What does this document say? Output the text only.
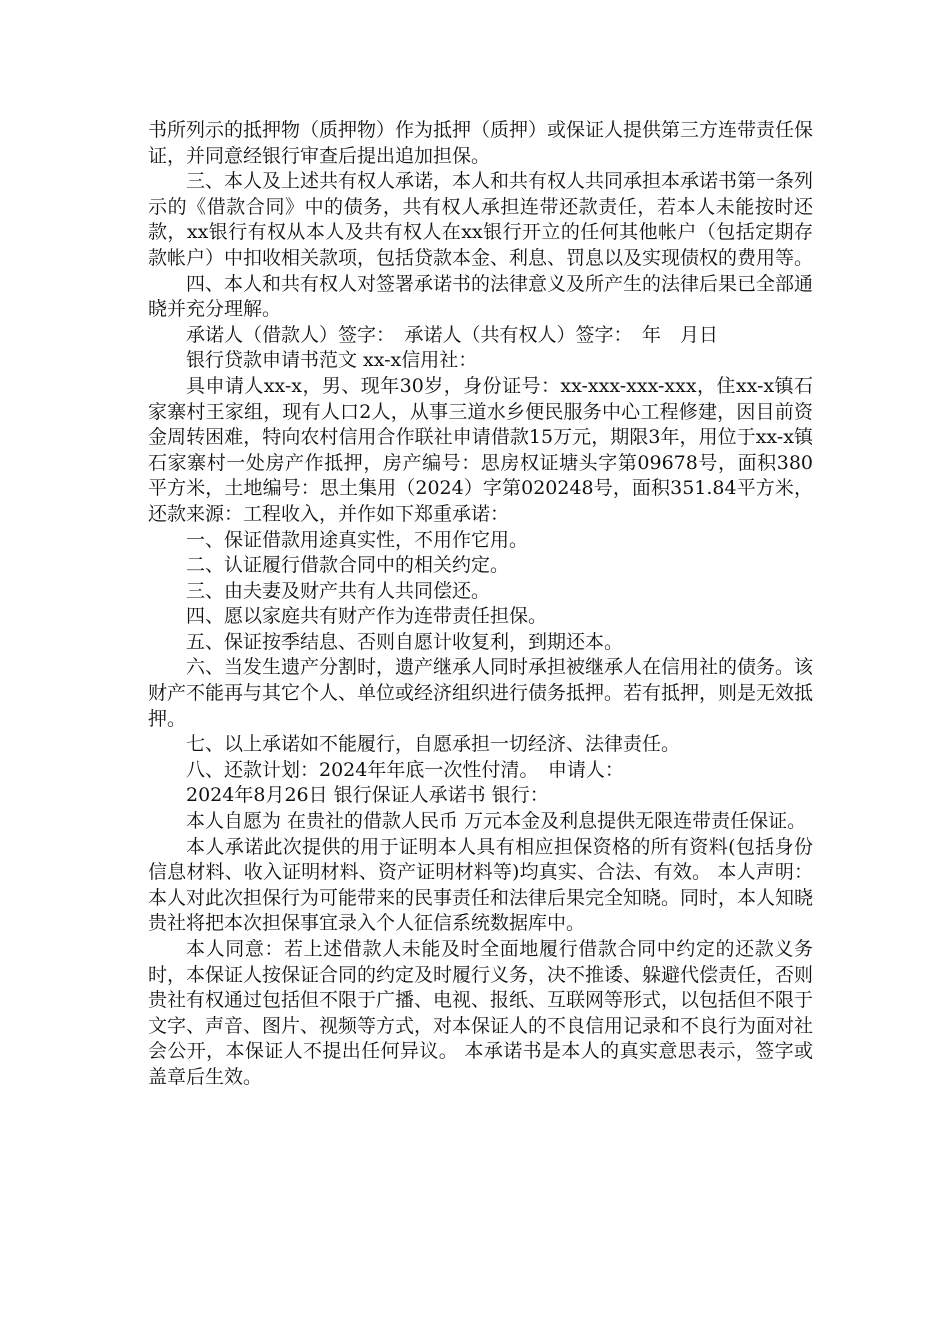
书所列示的抵押物（质押物）作为抵押（质押）或保证人提供第三方连带责任保证，并同意经银行审查后提出追加担保。

三、本人及上述共有权人承诺，本人和共有权人共同承担本承诺书第一条列示的《借款合同》中的债务，共有权人承担连带还款责任，若本人未能按时还款，xx银行有权从本人及共有权人在xx银行开立的任何其他帐户（包括定期存款帐户）中扣收相关款项，包括贷款本金、利息、罚息以及实现债权的费用等。

四、本人和共有权人对签署承诺书的法律意义及所产生的法律后果已全部通晓并充分理解。

承诺人（借款人）签字：　承诺人（共有权人）签字：　年　月日

银行贷款申请书范文 xx-x信用社：

具申请人xx-x，男、现年30岁，身份证号：xx-xxx-xxx-xxx，住xx-x镇石家寨村王家组，现有人口2人，从事三道水乡便民服务中心工程修建，因目前资金周转困难，特向农村信用合作联社申请借款15万元，期限3年，用位于xx-x镇石家寨村一处房产作抵押，房产编号：思房权证塘头字第09678号，面积380平方米，土地编号：思土集用（2024）字第020248号，面积351.84平方米，还款来源：工程收入，并作如下郑重承诺：

一、保证借款用途真实性，不用作它用。

二、认证履行借款合同中的相关约定。

三、由夫妻及财产共有人共同偿还。

四、愿以家庭共有财产作为连带责任担保。

五、保证按季结息、否则自愿计收复利，到期还本。

六、当发生遗产分割时，遗产继承人同时承担被继承人在信用社的债务。该财产不能再与其它个人、单位或经济组织进行债务抵押。若有抵押，则是无效抵押。

七、以上承诺如不能履行，自愿承担一切经济、法律责任。

八、还款计划：2024年年底一次性付清。　申请人：

2024年8月26日 银行保证人承诺书 银行：

本人自愿为 在贵社的借款人民币 万元本金及利息提供无限连带责任保证。

本人承诺此次提供的用于证明本人具有相应担保资格的所有资料(包括身份信息材料、收入证明材料、资产证明材料等)均真实、合法、有效。 本人声明：本人对此次担保行为可能带来的民事责任和法律后果完全知晓。同时，本人知晓贵社将把本次担保事宜录入个人征信系统数据库中。

本人同意：若上述借款人未能及时全面地履行借款合同中约定的还款义务时，本保证人按保证合同的约定及时履行义务，决不推诿、躲避代偿责任，否则贵社有权通过包括但不限于广播、电视、报纸、互联网等形式，以包括但不限于文字、声音、图片、视频等方式，对本保证人的不良信用记录和不良行为面对社会公开，本保证人不提出任何异议。 本承诺书是本人的真实意思表示，签字或盖章后生效。
